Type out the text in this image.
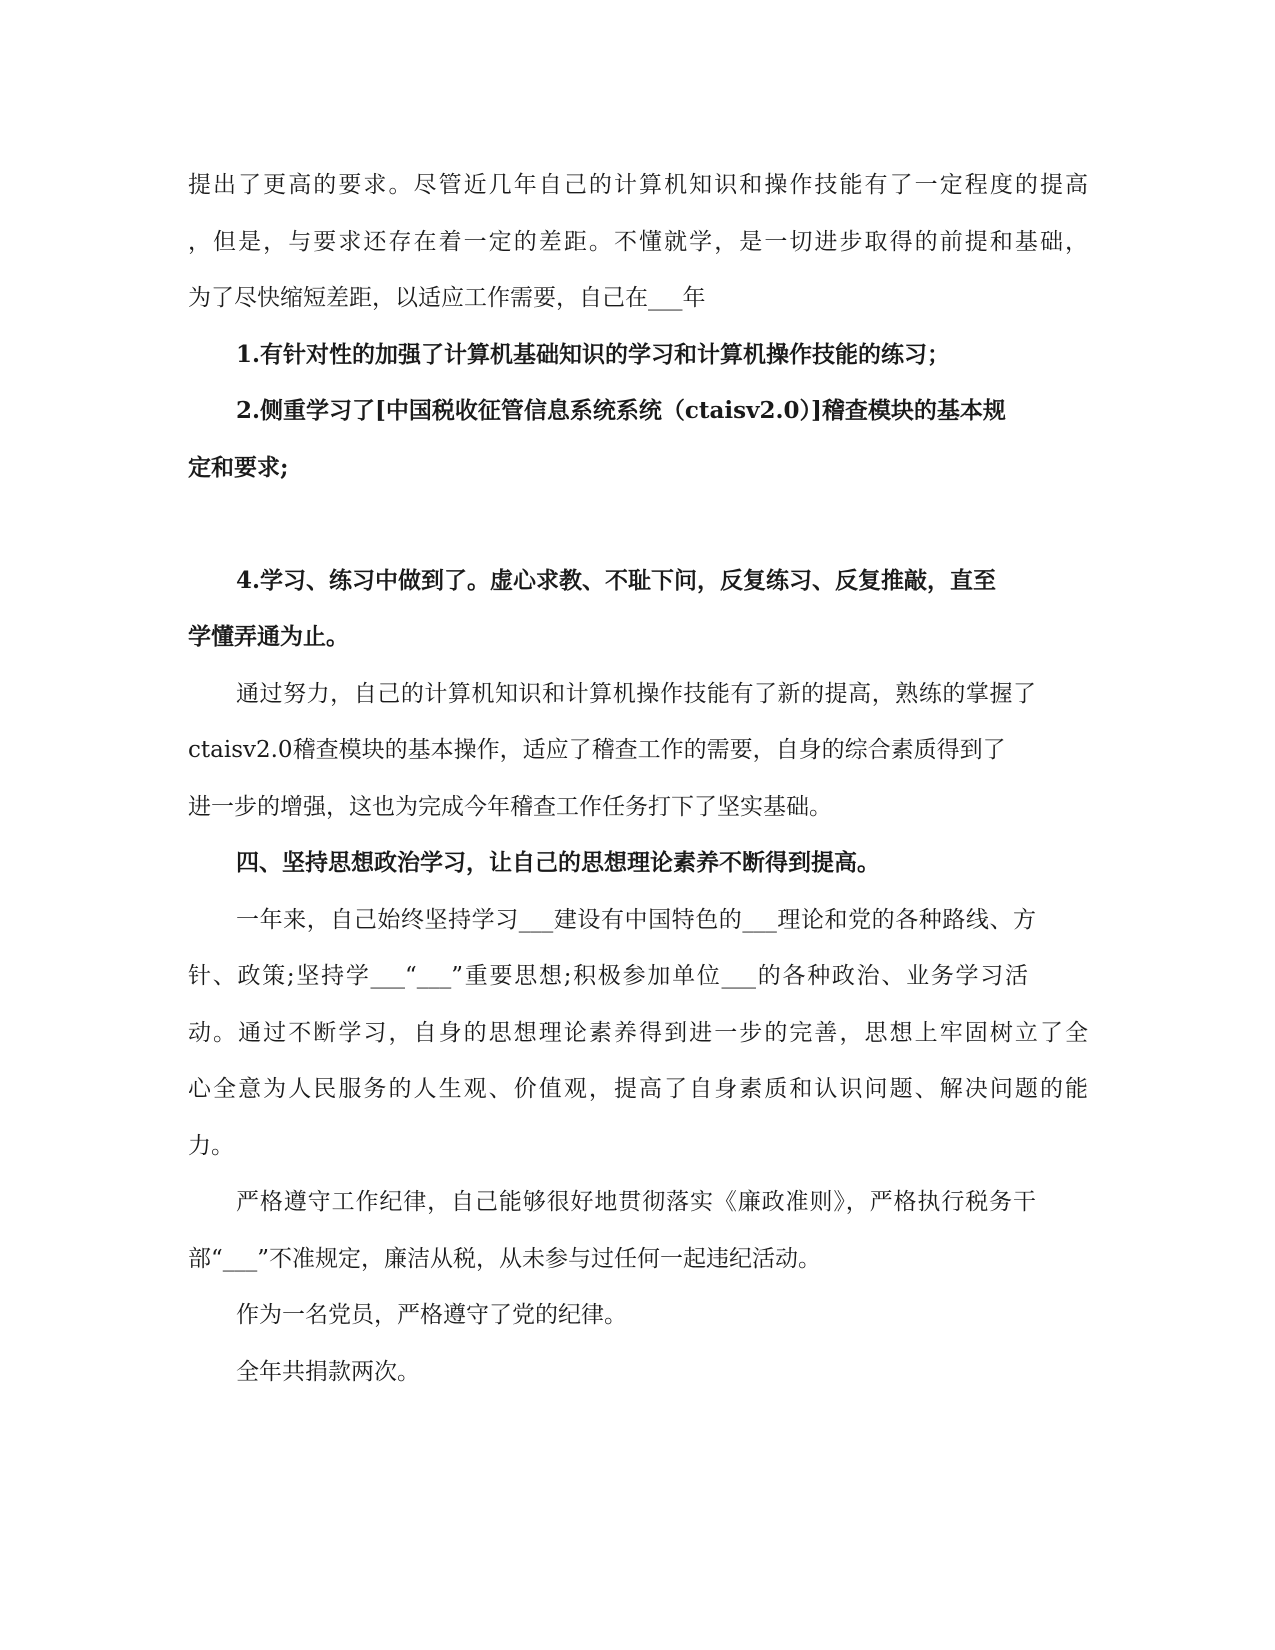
提出了更高的要求。尽管近几年自己的计算机知识和操作技能有了一定程度的提高
，但是，与要求还存在着一定的差距。不懂就学，是一切进步取得的前提和基础，
为了尽快缩短差距，以适应工作需要，自己在___年
1.有针对性的加强了计算机基础知识的学习和计算机操作技能的练习；
2.侧重学习了[中国税收征管信息系统系统（ctaisv2.0）]稽查模块的基本规
定和要求;
4.学习、练习中做到了。虚心求教、不耻下问，反复练习、反复推敲，直至
学懂弄通为止。
通过努力，自己的计算机知识和计算机操作技能有了新的提高，熟练的掌握了
ctaisv2.0稽查模块的基本操作，适应了稽查工作的需要，自身的综合素质得到了
进一步的增强，这也为完成今年稽查工作任务打下了坚实基础。
四、坚持思想政治学习，让自己的思想理论素养不断得到提高。
一年来，自己始终坚持学习___建设有中国特色的___理论和党的各种路线、方
针、政策;坚持学___“___”重要思想;积极参加单位___的各种政治、业务学习活
动。通过不断学习，自身的思想理论素养得到进一步的完善，思想上牢固树立了全
心全意为人民服务的人生观、价值观，提高了自身素质和认识问题、解决问题的能
力。
严格遵守工作纪律，自己能够很好地贯彻落实《廉政准则》，严格执行税务干
部“___”不准规定，廉洁从税，从未参与过任何一起违纪活动。
作为一名党员，严格遵守了党的纪律。
全年共捐款两次。
